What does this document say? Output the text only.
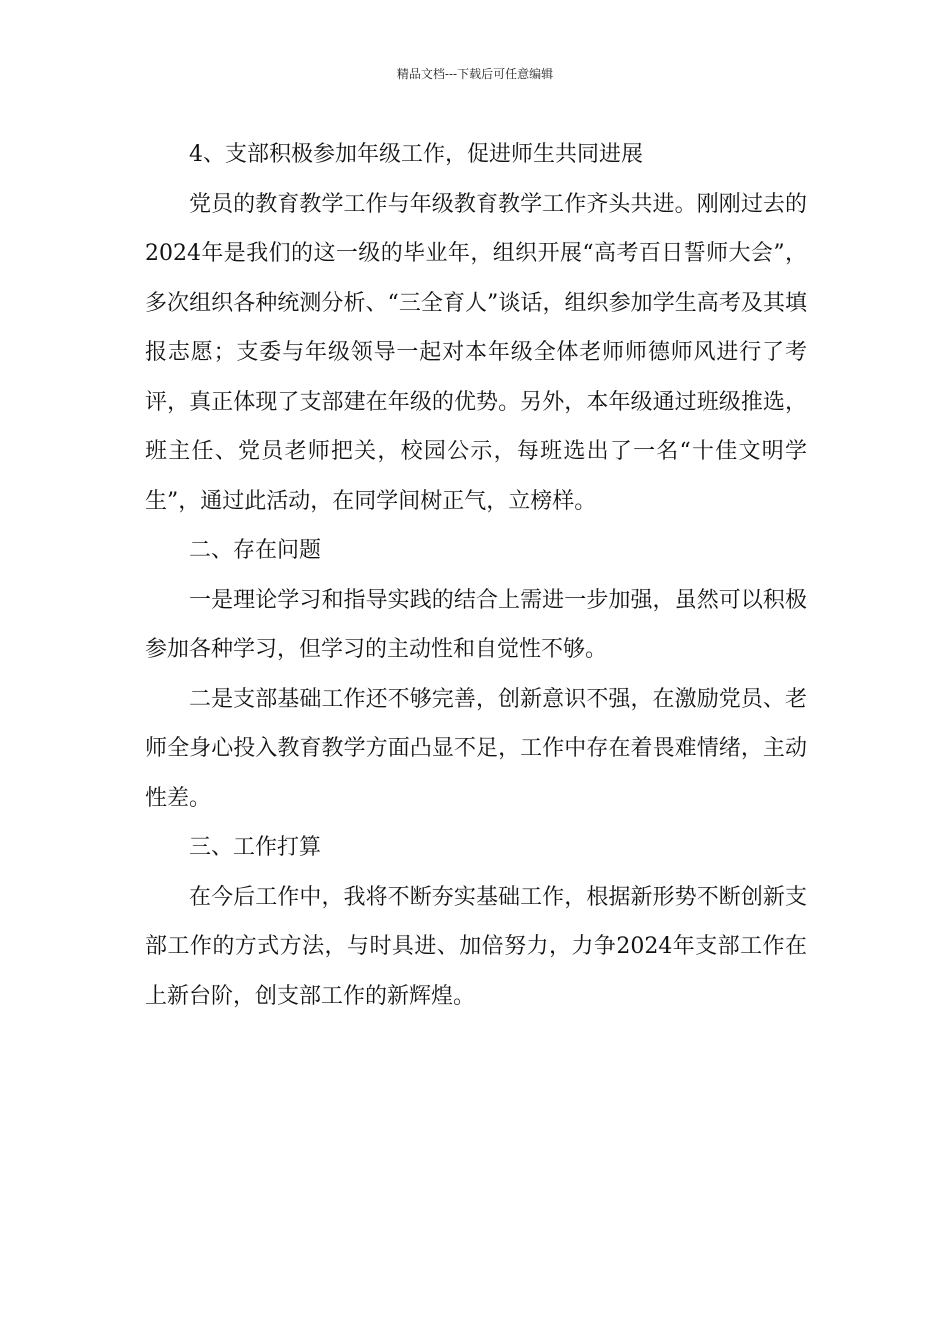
精品文档---下载后可任意编辑

4、支部积极参加年级工作，促进师生共同进展

党员的教育教学工作与年级教育教学工作齐头共进。刚刚过去的2024年是我们的这一级的毕业年，组织开展“高考百日誓师大会”，多次组织各种统测分析、“三全育人”谈话，组织参加学生高考及其填报志愿；支委与年级领导一起对本年级全体老师师德师风进行了考评，真正体现了支部建在年级的优势。另外，本年级通过班级推选，班主任、党员老师把关，校园公示，每班选出了一名“十佳文明学生”，通过此活动，在同学间树正气，立榜样。

二、存在问题

一是理论学习和指导实践的结合上需进一步加强，虽然可以积极参加各种学习，但学习的主动性和自觉性不够。

二是支部基础工作还不够完善，创新意识不强，在激励党员、老师全身心投入教育教学方面凸显不足，工作中存在着畏难情绪，主动性差。

三、工作打算

在今后工作中，我将不断夯实基础工作，根据新形势不断创新支部工作的方式方法，与时具进、加倍努力，力争2024年支部工作在上新台阶，创支部工作的新辉煌。
